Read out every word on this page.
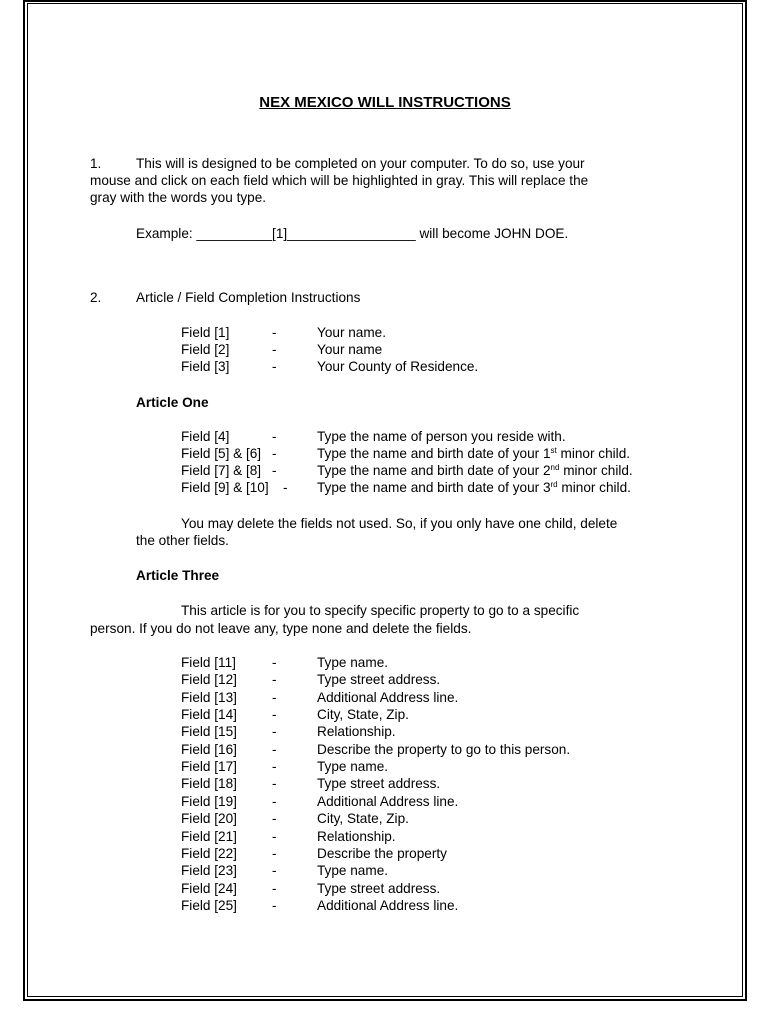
NEX MEXICO WILL INSTRUCTIONS
1.	This will is designed to be completed on your computer. To do so, use your
mouse and click on each field which will be highlighted in gray. This will replace the
gray with the words you type.
Example: __________[1]_________________ will become JOHN DOE.
2.	Article / Field Completion Instructions
Field [1]	-	Your name.
Field [2]	-	Your name
Field [3]	-	Your County of Residence.
Article One
Field [4]	-	Type the name of person you reside with.
Field [5] & [6] -	Type the name and birth date of your 1st minor child.
Field [7] & [8] -	Type the name and birth date of your 2nd minor child.
Field [9] & [10] - Type the name and birth date of your 3rd minor child.
You may delete the fields not used. So, if you only have one child, delete
the other fields.
Article Three
This article is for you to specify specific property to go to a specific
person. If you do not leave any, type none and delete the fields.
Field [11]	-	Type name.
Field [12]	-	Type street address.
Field [13]	-	Additional Address line.
Field [14]	-	City, State, Zip.
Field [15]	-	Relationship.
Field [16]	-	Describe the property to go to this person.
Field [17]	-	Type name.
Field [18]	-	Type street address.
Field [19]	-	Additional Address line.
Field [20]	-	City, State, Zip.
Field [21]	-	Relationship.
Field [22]	-	Describe the property
Field [23]	-	Type name.
Field [24]	-	Type street address.
Field [25]	-	Additional Address line.
